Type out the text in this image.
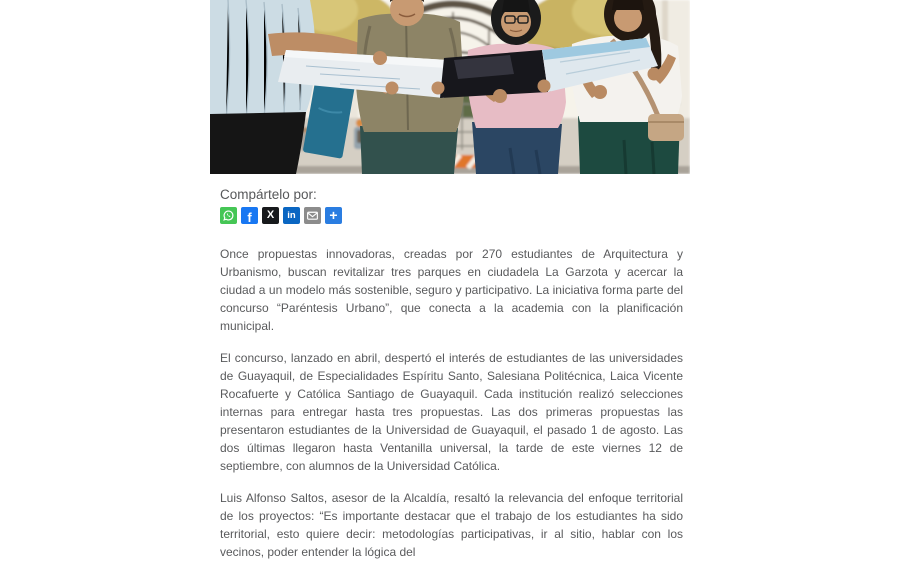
Compártelo por:
f X in +

Once propuestas innovadoras, creadas por 270 estudiantes de Arquitectura y Urbanismo, buscan revitalizar tres parques en ciudadela La Garzota y acercar la ciudad a un modelo más sostenible, seguro y participativo. La iniciativa forma parte del concurso “Paréntesis Urbano”, que conecta a la academia con la planificación municipal.

El concurso, lanzado en abril, despertó el interés de estudiantes de las universidades de Guayaquil, de Especialidades Espíritu Santo, Salesiana Politécnica, Laica Vicente Rocafuerte y Católica Santiago de Guayaquil. Cada institución realizó selecciones internas para entregar hasta tres propuestas. Las dos primeras propuestas las presentaron estudiantes de la Universidad de Guayaquil, el pasado 1 de agosto. Las dos últimas llegaron hasta Ventanilla universal, la tarde de este viernes 12 de septiembre, con alumnos de la Universidad Católica.

Luis Alfonso Saltos, asesor de la Alcaldía, resaltó la relevancia del enfoque territorial de los proyectos: “Es importante destacar que el trabajo de los estudiantes ha sido territorial, esto quiere decir: metodologías participativas, ir al sitio, hablar con los vecinos, poder entender la lógica del
